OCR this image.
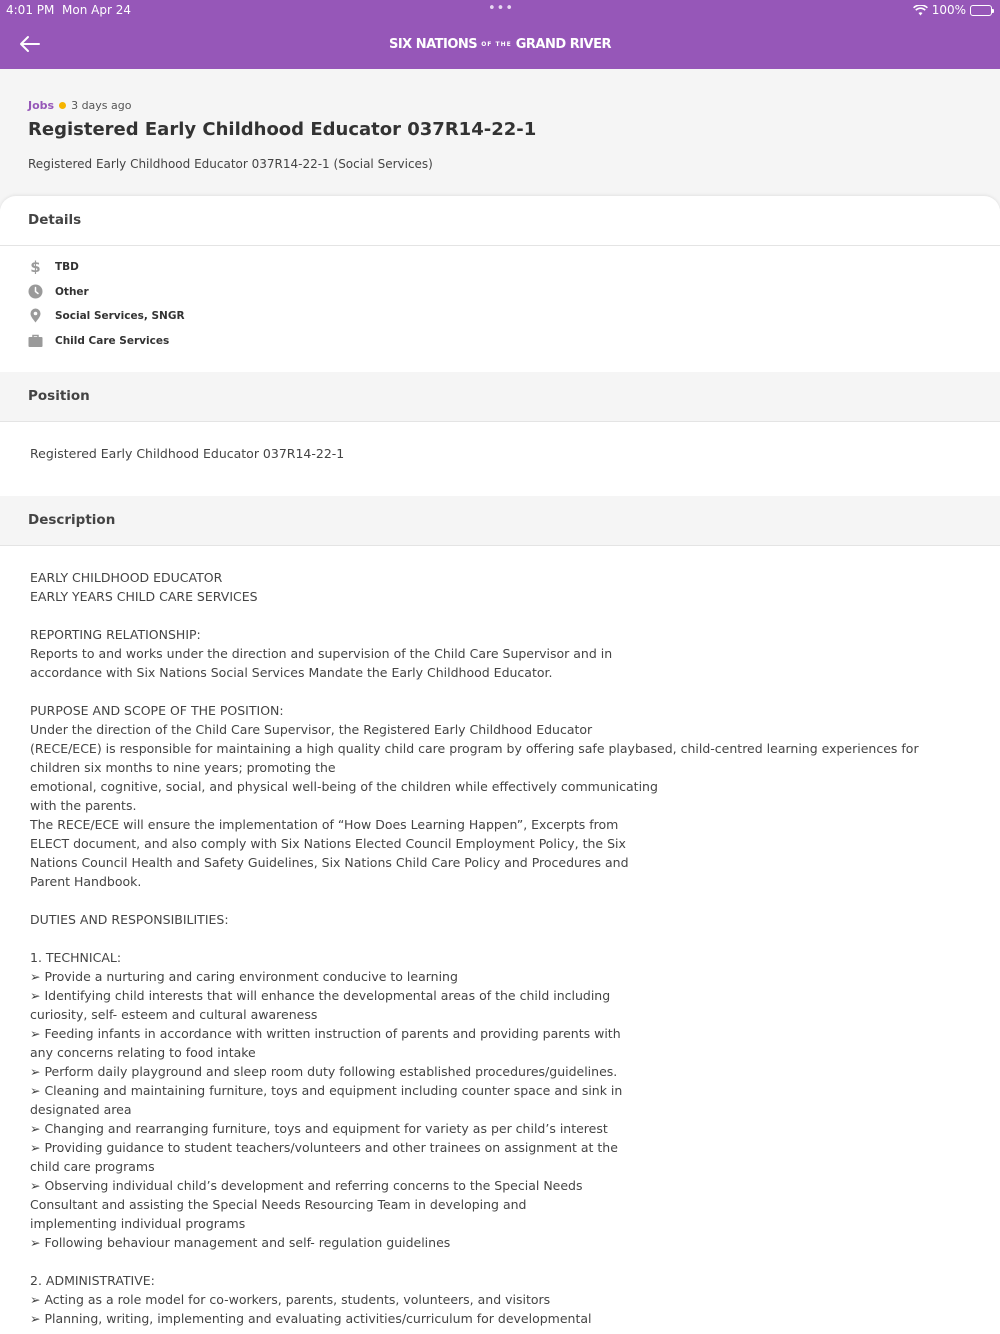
4:01 PM Mon Apr 24	•••	100%
SIX NATIONS OF THE GRAND RIVER
Jobs 3 days ago
Registered Early Childhood Educator 037R14-22-1
Registered Early Childhood Educator 037R14-22-1 (Social Services)
Details
$ TBD
Other
Social Services, SNGR
Child Care Services
Position
Registered Early Childhood Educator 037R14-22-1
Description
EARLY CHILDHOOD EDUCATOR
EARLY YEARS CHILD CARE SERVICES

REPORTING RELATIONSHIP:
Reports to and works under the direction and supervision of the Child Care Supervisor and in
accordance with Six Nations Social Services Mandate the Early Childhood Educator.

PURPOSE AND SCOPE OF THE POSITION:
Under the direction of the Child Care Supervisor, the Registered Early Childhood Educator
(RECE/ECE) is responsible for maintaining a high quality child care program by offering safe playbased, child-centred learning experiences for
children six months to nine years; promoting the
emotional, cognitive, social, and physical well-being of the children while effectively communicating
with the parents.
The RECE/ECE will ensure the implementation of “How Does Learning Happen”, Excerpts from
ELECT document, and also comply with Six Nations Elected Council Employment Policy, the Six
Nations Council Health and Safety Guidelines, Six Nations Child Care Policy and Procedures and
Parent Handbook.

DUTIES AND RESPONSIBILITIES:

1. TECHNICAL:
➢ Provide a nurturing and caring environment conducive to learning
➢ Identifying child interests that will enhance the developmental areas of the child including
curiosity, self- esteem and cultural awareness
➢ Feeding infants in accordance with written instruction of parents and providing parents with
any concerns relating to food intake
➢ Perform daily playground and sleep room duty following established procedures/guidelines.
➢ Cleaning and maintaining furniture, toys and equipment including counter space and sink in
designated area
➢ Changing and rearranging furniture, toys and equipment for variety as per child’s interest
➢ Providing guidance to student teachers/volunteers and other trainees on assignment at the
child care programs
➢ Observing individual child’s development and referring concerns to the Special Needs
Consultant and assisting the Special Needs Resourcing Team in developing and
implementing individual programs
➢ Following behaviour management and self- regulation guidelines

2. ADMINISTRATIVE:
➢ Acting as a role model for co-workers, parents, students, volunteers, and visitors
➢ Planning, writing, implementing and evaluating activities/curriculum for developmental
